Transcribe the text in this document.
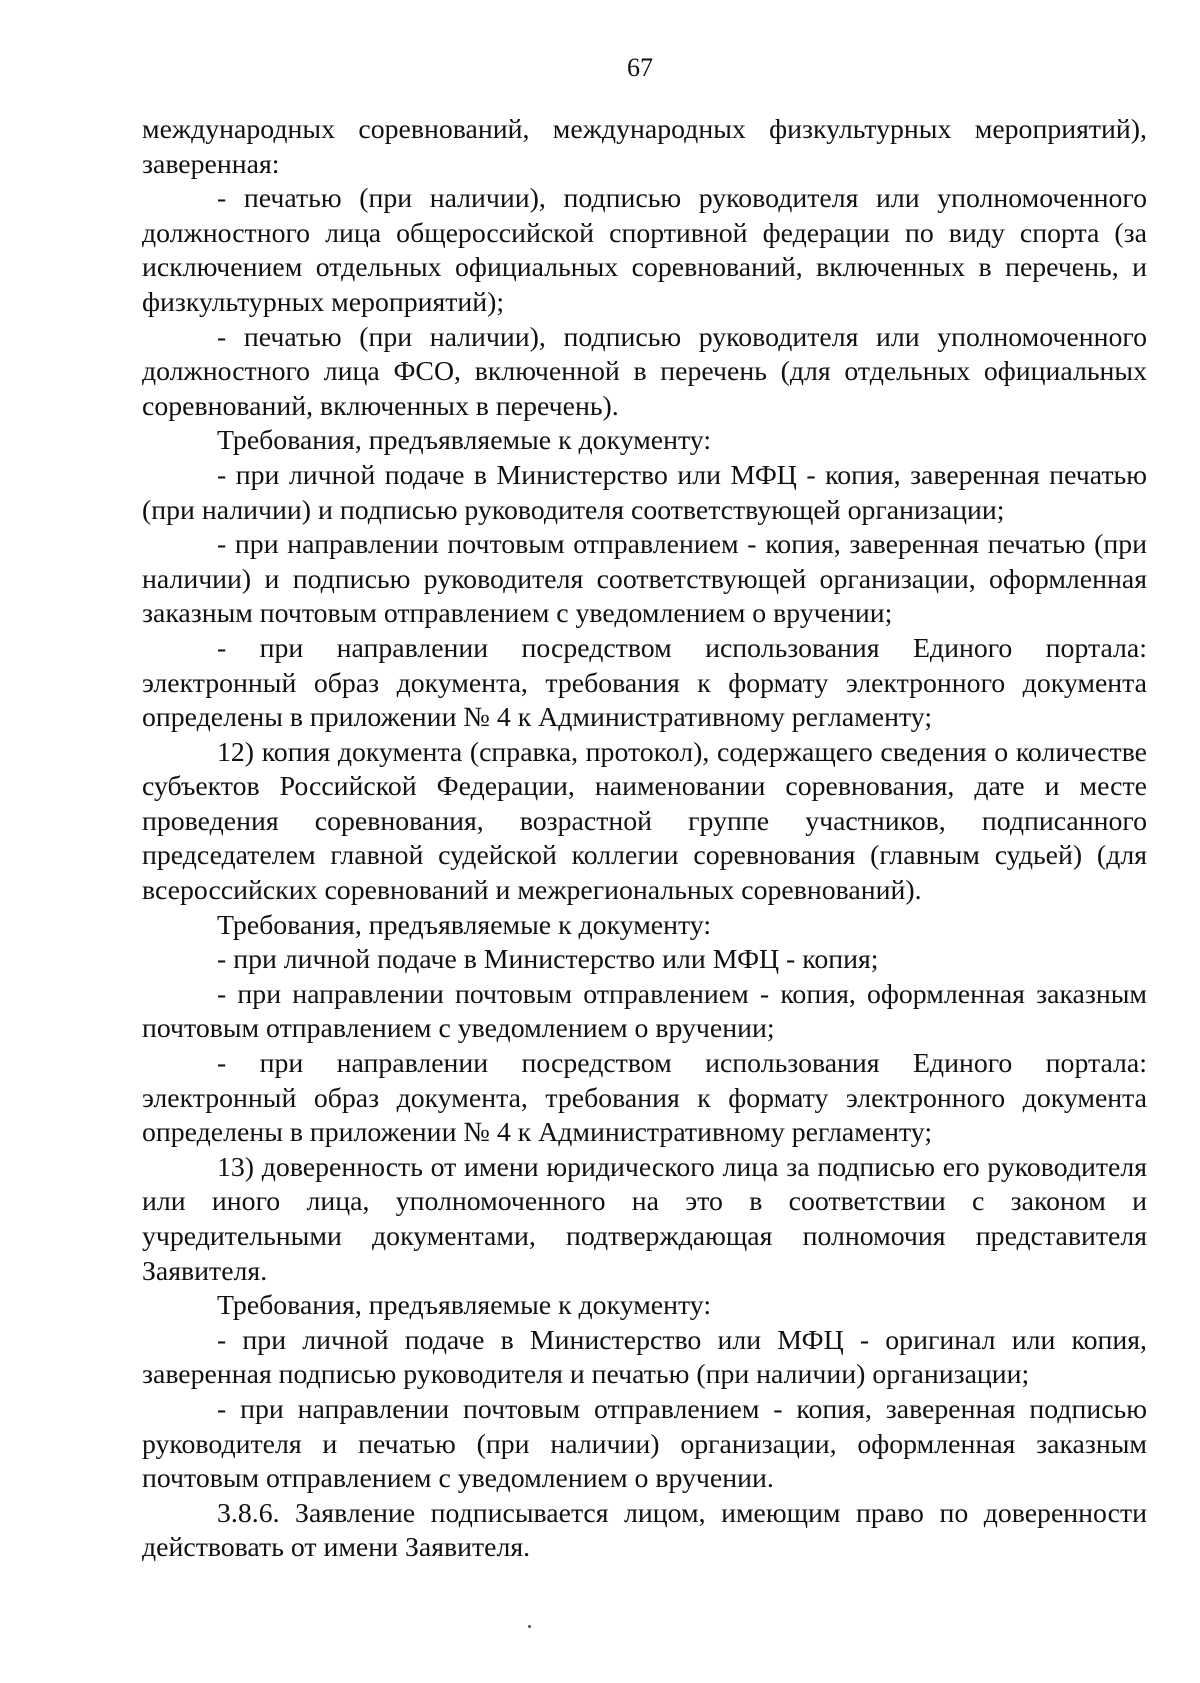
67

международных соревнований, международных физкультурных мероприятий), заверенная:

- печатью (при наличии), подписью руководителя или уполномоченного должностного лица общероссийской спортивной федерации по виду спорта (за исключением отдельных официальных соревнований, включенных в перечень, и физкультурных мероприятий);

- печатью (при наличии), подписью руководителя или уполномоченного должностного лица ФСО, включенной в перечень (для отдельных официальных соревнований, включенных в перечень).

Требования, предъявляемые к документу:

- при личной подаче в Министерство или МФЦ - копия, заверенная печатью (при наличии) и подписью руководителя соответствующей организации;

- при направлении почтовым отправлением - копия, заверенная печатью (при наличии) и подписью руководителя соответствующей организации, оформленная заказным почтовым отправлением с уведомлением о вручении;

- при направлении посредством использования Единого портала: электронный образ документа, требования к формату электронного документа определены в приложении № 4 к Административному регламенту;

12) копия документа (справка, протокол), содержащего сведения о количестве субъектов Российской Федерации, наименовании соревнования, дате и месте проведения соревнования, возрастной группе участников, подписанного председателем главной судейской коллегии соревнования (главным судьей) (для всероссийских соревнований и межрегиональных соревнований).

Требования, предъявляемые к документу:

- при личной подаче в Министерство или МФЦ - копия;

- при направлении почтовым отправлением - копия, оформленная заказным почтовым отправлением с уведомлением о вручении;

- при направлении посредством использования Единого портала: электронный образ документа, требования к формату электронного документа определены в приложении № 4 к Административному регламенту;

13) доверенность от имени юридического лица за подписью его руководителя или иного лица, уполномоченного на это в соответствии с законом и учредительными документами, подтверждающая полномочия представителя Заявителя.

Требования, предъявляемые к документу:

- при личной подаче в Министерство или МФЦ - оригинал или копия, заверенная подписью руководителя и печатью (при наличии) организации;

- при направлении почтовым отправлением - копия, заверенная подписью руководителя и печатью (при наличии) организации, оформленная заказным почтовым отправлением с уведомлением о вручении.

3.8.6. Заявление подписывается лицом, имеющим право по доверенности действовать от имени Заявителя.
